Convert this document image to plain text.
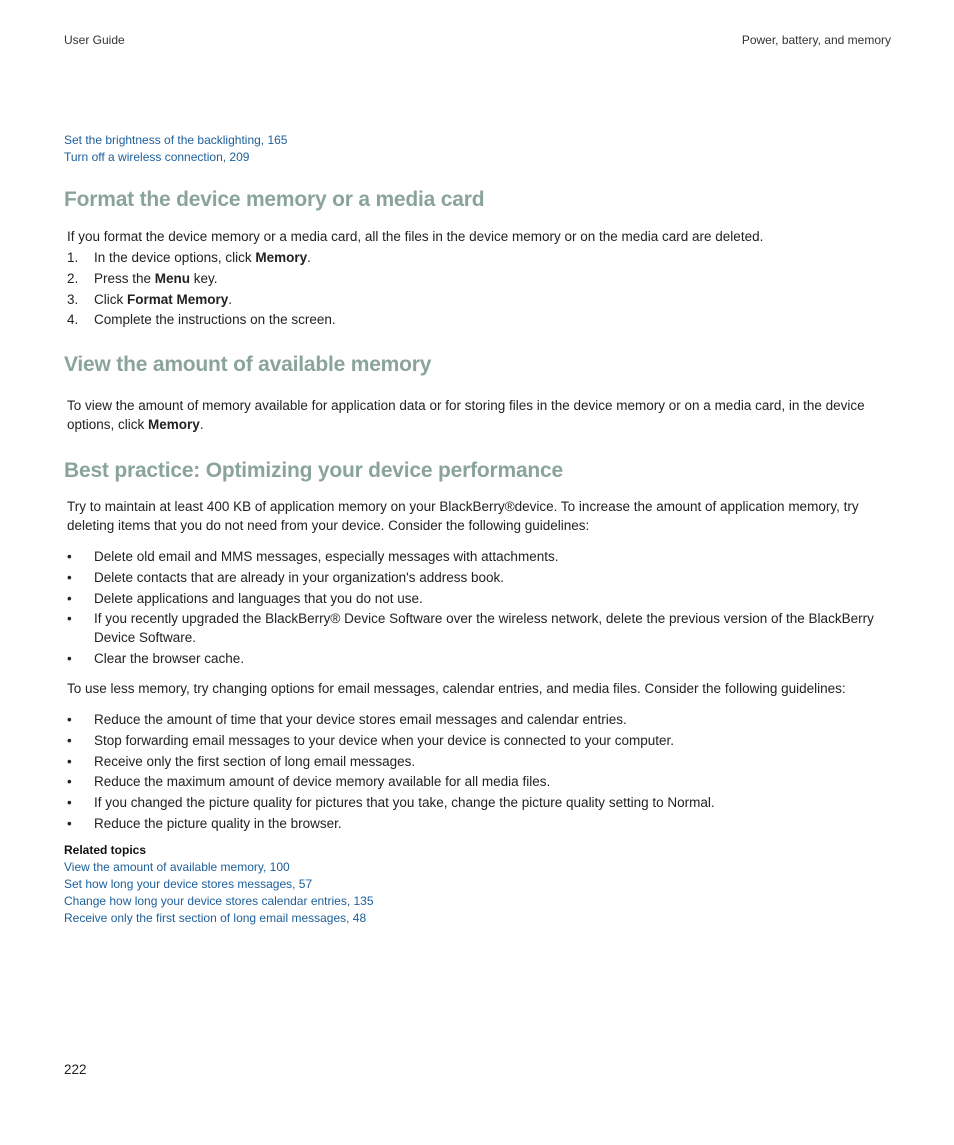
User Guide	Power, battery, and memory
Set the brightness of the backlighting, 165
Turn off a wireless connection, 209
Format the device memory or a media card

If you format the device memory or a media card, all the files in the device memory or on the media card are deleted.

1. In the device options, click Memory.
2. Press the Menu key.
3. Click Format Memory.
4. Complete the instructions on the screen.
View the amount of available memory

To view the amount of memory available for application data or for storing files in the device memory or on a media card, in the device options, click Memory.

Best practice: Optimizing your device performance

Try to maintain at least 400 KB of application memory on your BlackBerry®device. To increase the amount of application memory, try deleting items that you do not need from your device. Consider the following guidelines:

• Delete old email and MMS messages, especially messages with attachments.
• Delete contacts that are already in your organization's address book.
• Delete applications and languages that you do not use.
• If you recently upgraded the BlackBerry® Device Software over the wireless network, delete the previous version of the BlackBerry Device Software.
• Clear the browser cache.

To use less memory, try changing options for email messages, calendar entries, and media files. Consider the following guidelines:

• Reduce the amount of time that your device stores email messages and calendar entries.
• Stop forwarding email messages to your device when your device is connected to your computer.
• Receive only the first section of long email messages.
• Reduce the maximum amount of device memory available for all media files.
• If you changed the picture quality for pictures that you take, change the picture quality setting to Normal.
• Reduce the picture quality in the browser.
Related topics
View the amount of available memory, 100
Set how long your device stores messages, 57
Change how long your device stores calendar entries, 135
Receive only the first section of long email messages, 48
222
